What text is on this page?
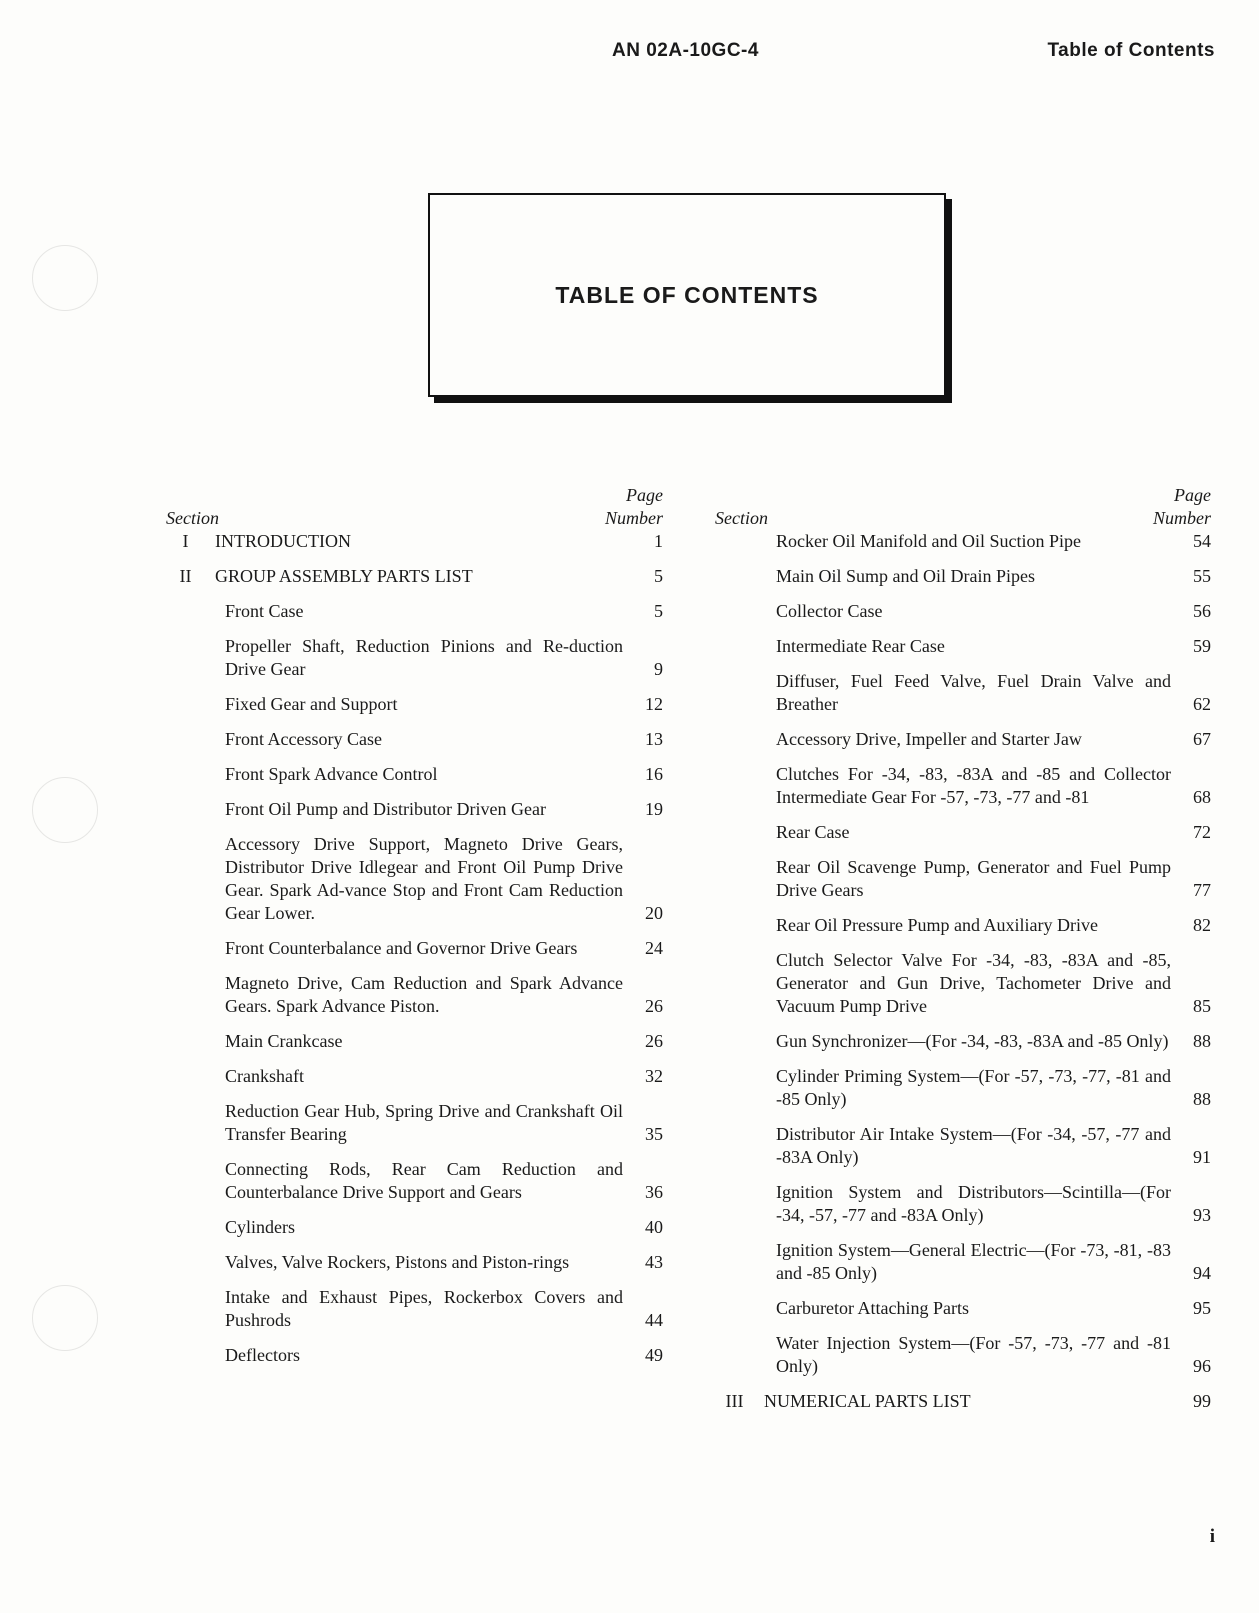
AN 02A-10GC-4	Table of Contents
TABLE OF CONTENTS
Section
Page
Number
I INTRODUCTION	1
II GROUP ASSEMBLY PARTS LIST	5
Front Case	5
Propeller Shaft, Reduction Pinions and Re-duction Drive Gear	9
Fixed Gear and Support	12
Front Accessory Case	13
Front Spark Advance Control	16
Front Oil Pump and Distributor Driven Gear	19
Accessory Drive Support, Magneto Drive Gears, Distributor Drive Idlegear and Front Oil Pump Drive Gear. Spark Ad-vance Stop and Front Cam Reduction Gear Lower.	20
Front Counterbalance and Governor Drive Gears	24
Magneto Drive, Cam Reduction and Spark Advance Gears. Spark Advance Piston.	26
Main Crankcase	26
Crankshaft	32
Reduction Gear Hub, Spring Drive and Crankshaft Oil Transfer Bearing	35
Connecting Rods, Rear Cam Reduction and Counterbalance Drive Support and Gears	36
Cylinders	40
Valves, Valve Rockers, Pistons and Piston-rings	43
Intake and Exhaust Pipes, Rockerbox Covers and Pushrods	44
Deflectors	49
Section
Page
Number
Rocker Oil Manifold and Oil Suction Pipe	54
Main Oil Sump and Oil Drain Pipes	55
Collector Case	56
Intermediate Rear Case	59
Diffuser, Fuel Feed Valve, Fuel Drain Valve and Breather	62
Accessory Drive, Impeller and Starter Jaw	67
Clutches For -34, -83, -83A and -85 and Collector Intermediate Gear For -57, -73, -77 and -81	68
Rear Case	72
Rear Oil Scavenge Pump, Generator and Fuel Pump Drive Gears	77
Rear Oil Pressure Pump and Auxiliary Drive	82
Clutch Selector Valve For -34, -83, -83A and -85, Generator and Gun Drive, Tachometer Drive and Vacuum Pump Drive	85
Gun Synchronizer—(For -34, -83, -83A and -85 Only)	88
Cylinder Priming System—(For -57, -73, -77, -81 and -85 Only)	88
Distributor Air Intake System—(For -34, -57, -77 and -83A Only)	91
Ignition System and Distributors—Scintilla—(For -34, -57, -77 and -83A Only)	93
Ignition System—General Electric—(For -73, -81, -83 and -85 Only)	94
Carburetor Attaching Parts	95
Water Injection System—(For -57, -73, -77 and -81 Only)	96
III NUMERICAL PARTS LIST	99
i
